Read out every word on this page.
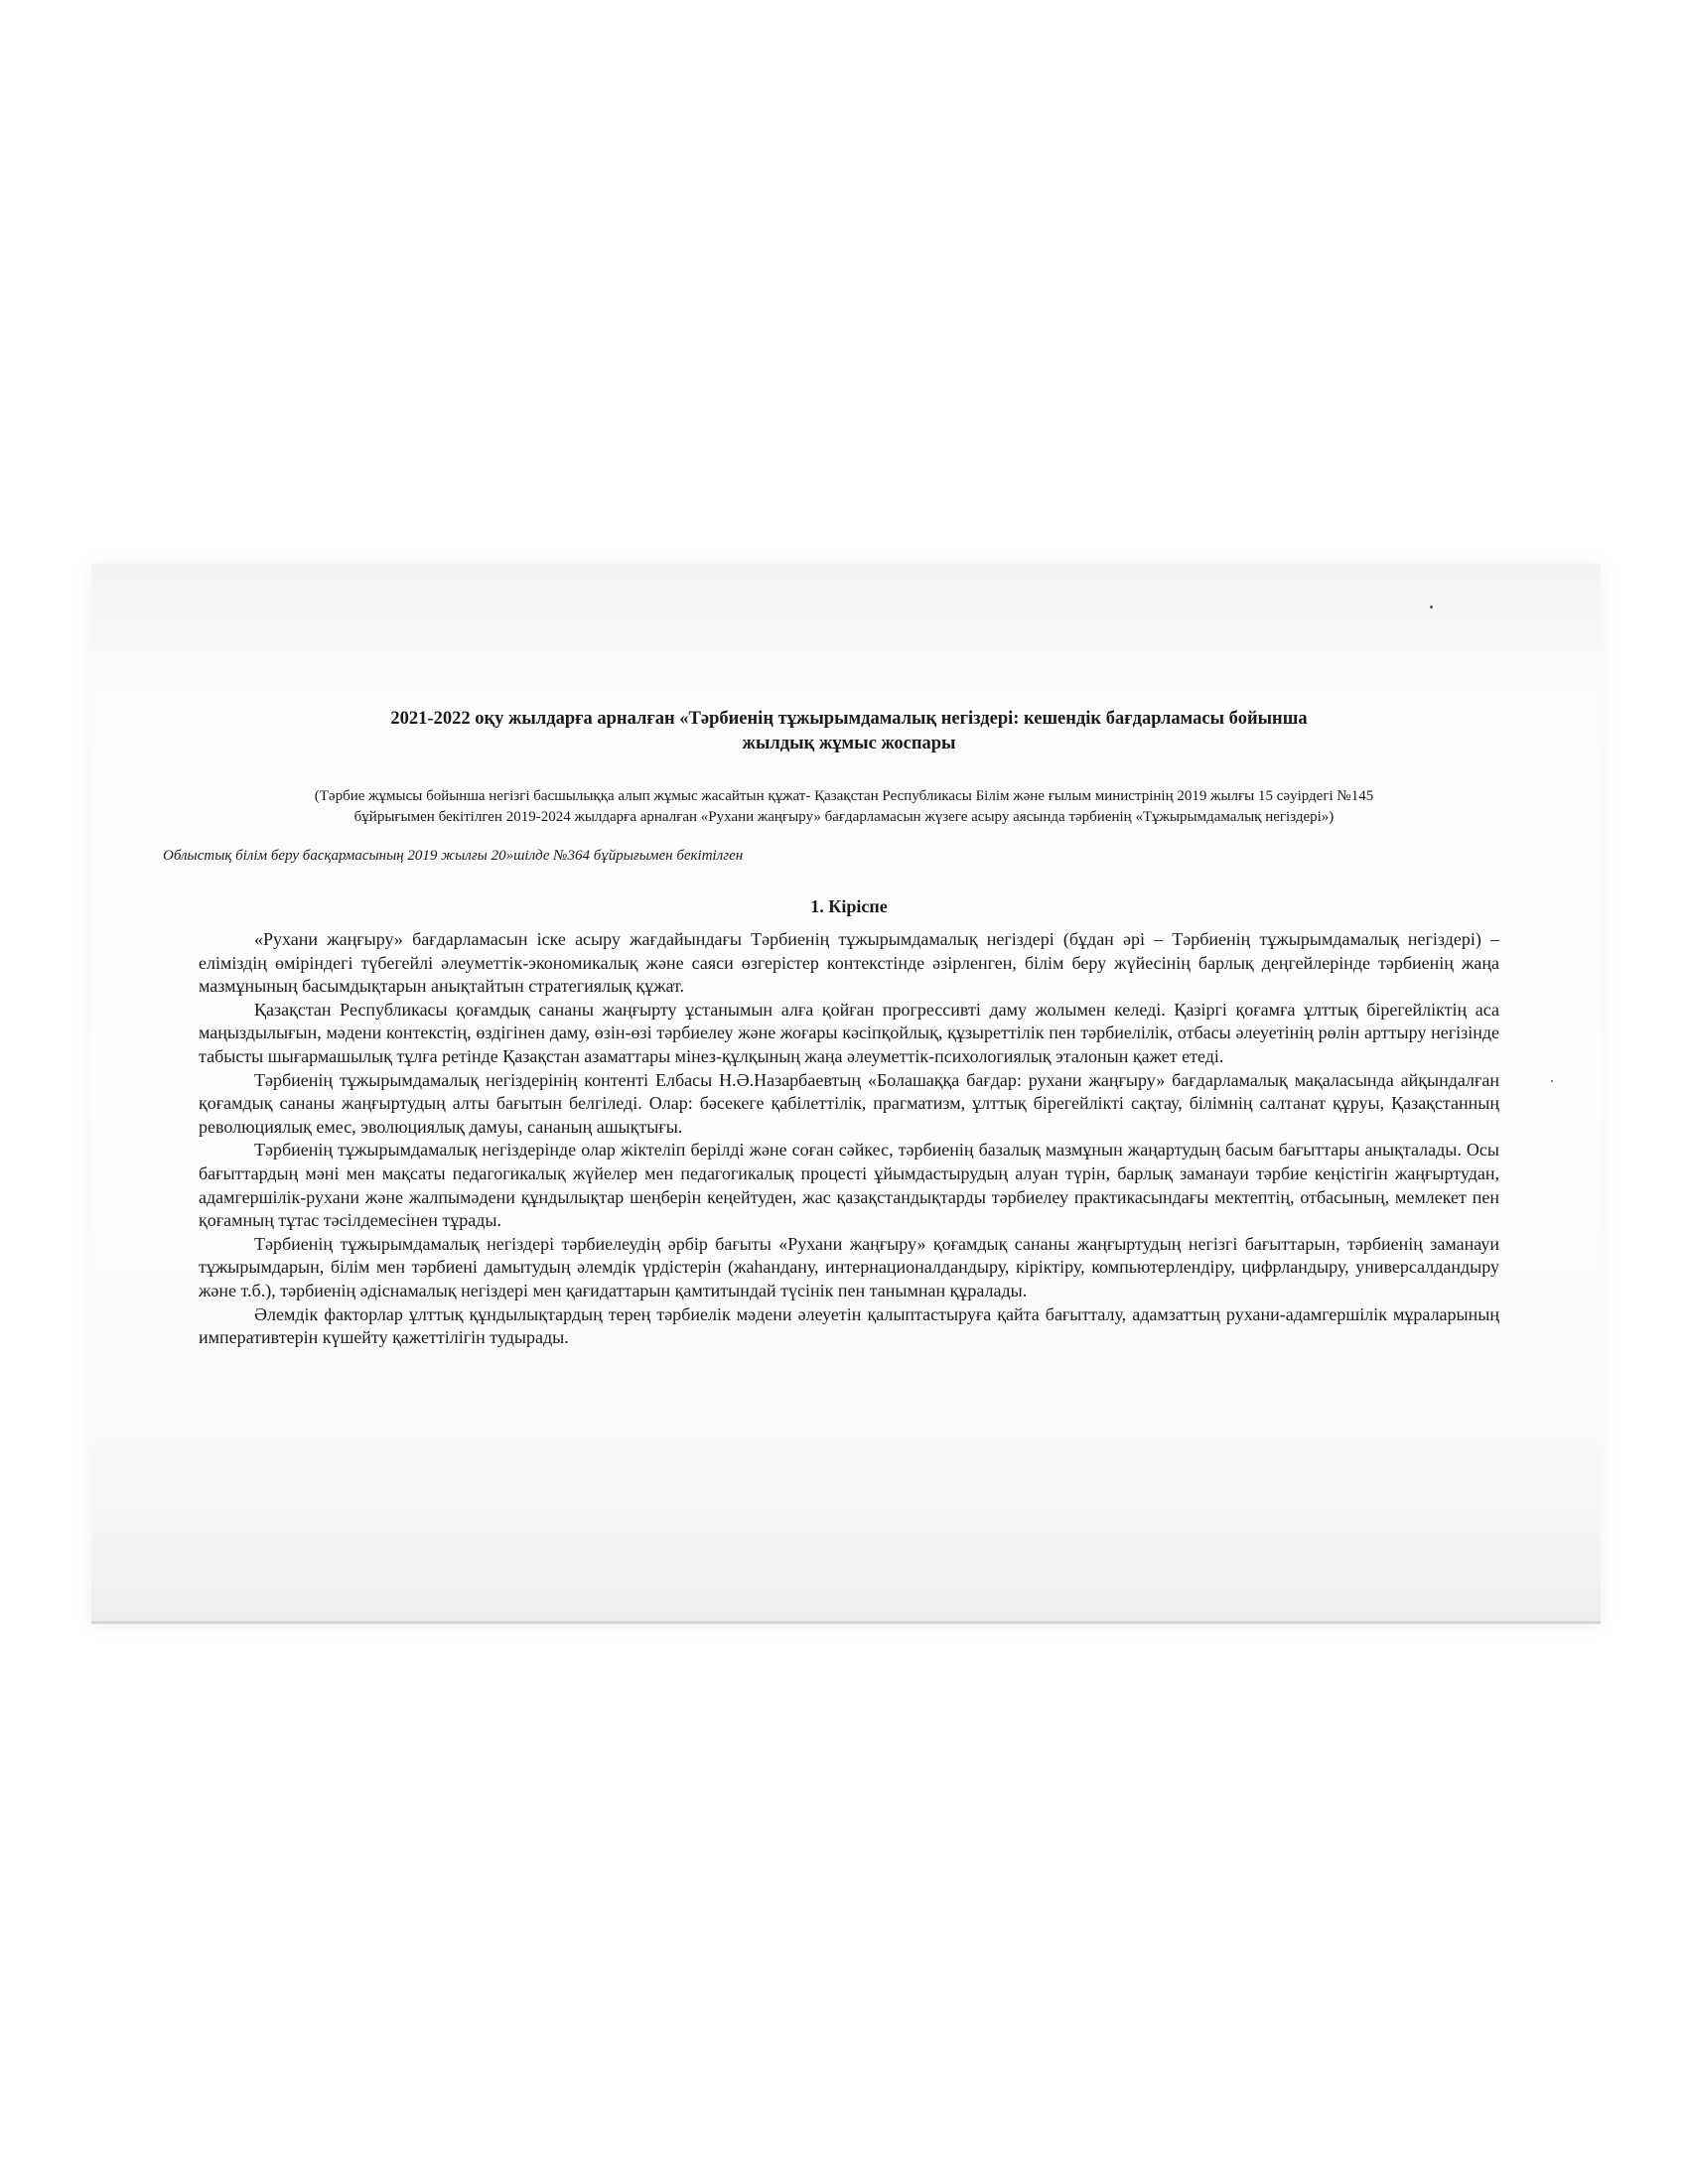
2021-2022 оқу жылдарға арналған «Тәрбиенің тұжырымдамалық негіздері: кешендік бағдарламасы бойынша
жылдық жұмыс жоспары
(Тәрбие жұмысы бойынша негізгі басшылыққа алып жұмыс жасайтын құжат- Қазақстан Республикасы Білім және ғылым министрінің 2019 жылғы 15 сәуірдегі №145
бұйрығымен бекітілген 2019-2024 жылдарға арналған «Рухани жаңғыру» бағдарламасын жүзеге асыру аясында тәрбиенің «Тұжырымдамалық негіздері»)

Облыстық білім беру басқармасының 2019 жылғы 20»шілде №364 бұйрығымен бекітілген

1. Кіріспе

«Рухани жаңғыру» бағдарламасын іске асыру жағдайындағы Тәрбиенің тұжырымдамалық негіздері (бұдан әрі – Тәрбиенің тұжырымдамалық негіздері) – еліміздің өміріндегі түбегейлі әлеуметтік-экономикалық және саяси өзгерістер контекстінде әзірленген, білім беру жүйесінің барлық деңгейлерінде тәрбиенің жаңа мазмұнының басымдықтарын анықтайтын стратегиялық құжат.

Қазақстан Республикасы қоғамдық сананы жаңғырту ұстанымын алға қойған прогрессивті даму жолымен келеді. Қазіргі қоғамға ұлттық бірегейліктің аса маңыздылығын, мәдени контекстің, өздігінен даму, өзін-өзі тәрбиелеу және жоғары кәсіпқойлық, құзыреттілік пен тәрбиелілік, отбасы әлеуетінің рөлін арттыру негізінде табысты шығармашылық тұлға ретінде Қазақстан азаматтары мінез-құлқының жаңа әлеуметтік-психологиялық эталонын қажет етеді.

Тәрбиенің тұжырымдамалық негіздерінің контенті Елбасы Н.Ә.Назарбаевтың «Болашаққа бағдар: рухани жаңғыру» бағдарламалық мақаласында айқындалған қоғамдық сананы жаңғыртудың алты бағытын белгіледі. Олар: бәсекеге қабілеттілік, прагматизм, ұлттық бірегейлікті сақтау, білімнің салтанат құруы, Қазақстанның революциялық емес, эволюциялық дамуы, сананың ашықтығы.

Тәрбиенің тұжырымдамалық негіздерінде олар жіктеліп берілді және соған сәйкес, тәрбиенің базалық мазмұнын жаңартудың басым бағыттары анықталады. Осы бағыттардың мәні мен мақсаты педагогикалық жүйелер мен педагогикалық процесті ұйымдастырудың алуан түрін, барлық заманауи тәрбие кеңістігін жаңғыртудан, адамгершілік-рухани және жалпымәдени құндылықтар шеңберін кеңейтуден, жас қазақстандықтарды тәрбиелеу практикасындағы мектептің, отбасының, мемлекет пен қоғамның тұтас тәсілдемесінен тұрады.

Тәрбиенің тұжырымдамалық негіздері тәрбиелеудің әрбір бағыты «Рухани жаңғыру» қоғамдық сананы жаңғыртудың негізгі бағыттарын, тәрбиенің заманауи тұжырымдарын, білім мен тәрбиені дамытудың әлемдік үрдістерін (жаһандану, интернационалдандыру, кіріктіру, компьютерлендіру, цифрландыру, универсалдандыру және т.б.), тәрбиенің әдіснамалық негіздері мен қағидаттарын қамтитындай түсінік пен танымнан құралады.

Әлемдік факторлар ұлттық құндылықтардың терең тәрбиелік мәдени әлеуетін қалыптастыруға қайта бағытталу, адамзаттың рухани-адамгершілік мұраларының императивтерін күшейту қажеттілігін тудырады.
